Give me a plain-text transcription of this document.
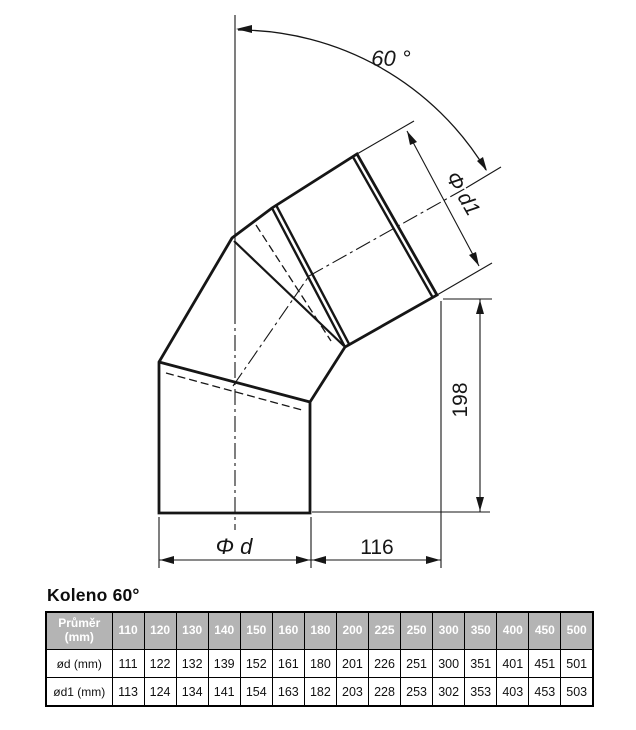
60 °
Φ d1
198
Φ d	116
Koleno 60°
Průměr (mm)	110	120	130	140	150	160	180	200	225	250	300	350	400	450	500
ød (mm)	111	122	132	139	152	161	180	201	226	251	300	351	401	451	501
ød1 (mm)	113	124	134	141	154	163	182	203	228	253	302	353	403	453	503
